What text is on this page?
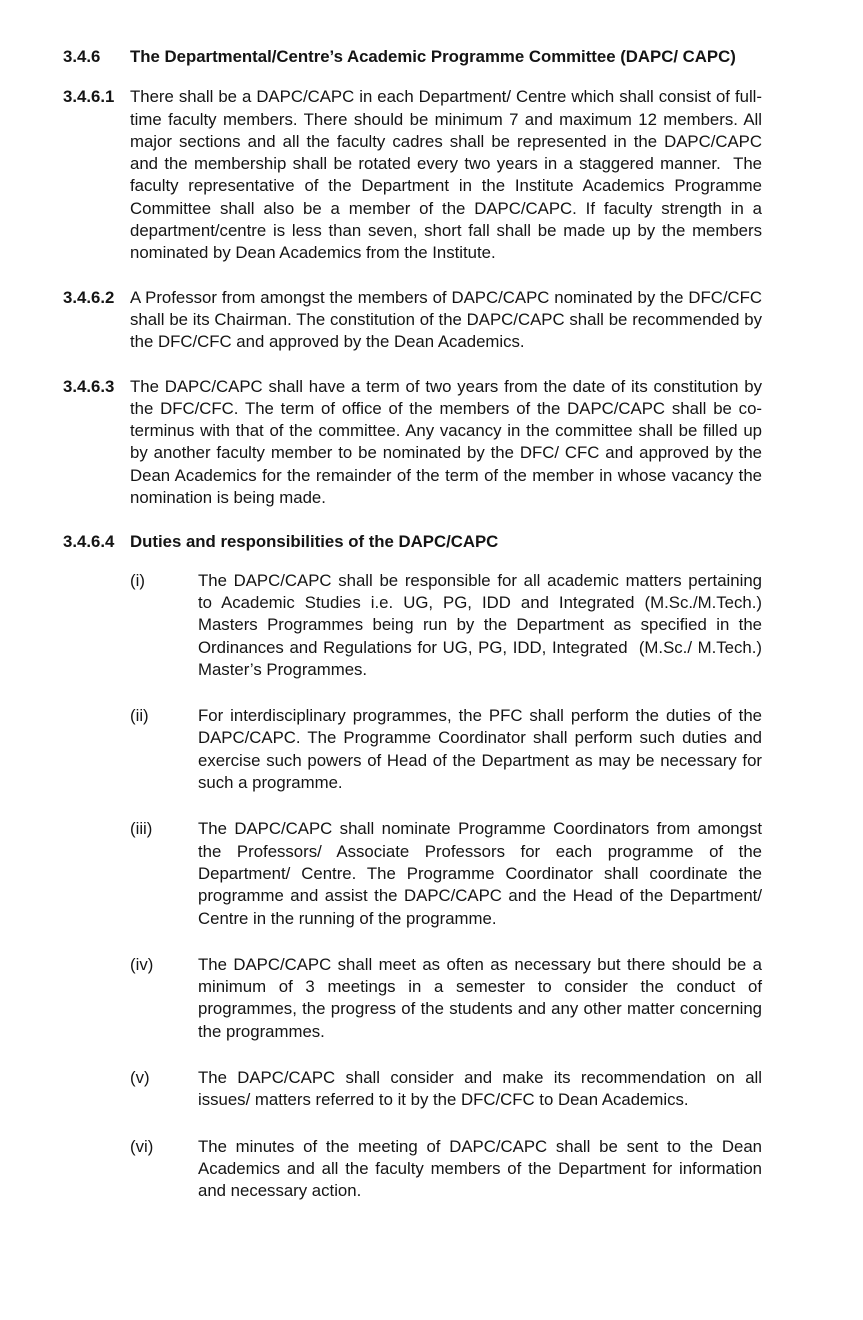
3.4.6	The Departmental/Centre’s Academic Programme Committee (DAPC/ CAPC)
3.4.6.1 There shall be a DAPC/CAPC in each Department/ Centre which shall consist of full-time faculty members. There should be minimum 7 and maximum 12 members. All major sections and all the faculty cadres shall be represented in the DAPC/CAPC and the membership shall be rotated every two years in a staggered manner.  The faculty representative of the Department in the Institute Academics Programme Committee shall also be a member of the DAPC/CAPC. If faculty strength in a department/centre is less than seven, short fall shall be made up by the members nominated by Dean Academics from the Institute.
3.4.6.2 A Professor from amongst the members of DAPC/CAPC nominated by the DFC/CFC shall be its Chairman. The constitution of the DAPC/CAPC shall be recommended by the DFC/CFC and approved by the Dean Academics.
3.4.6.3 The DAPC/CAPC shall have a term of two years from the date of its constitution by the DFC/CFC. The term of office of the members of the DAPC/CAPC shall be co-terminus with that of the committee. Any vacancy in the committee shall be filled up by another faculty member to be nominated by the DFC/ CFC and approved by the Dean Academics for the remainder of the term of the member in whose vacancy the nomination is being made.
3.4.6.4 Duties and responsibilities of the DAPC/CAPC
(i)	The DAPC/CAPC shall be responsible for all academic matters pertaining to Academic Studies i.e. UG, PG, IDD and Integrated (M.Sc./M.Tech.) Masters Programmes being run by the Department as specified in the Ordinances and Regulations for UG, PG, IDD, Integrated  (M.Sc./ M.Tech.) Master’s Programmes.
(ii)	For interdisciplinary programmes, the PFC shall perform the duties of the DAPC/CAPC. The Programme Coordinator shall perform such duties and exercise such powers of Head of the Department as may be necessary for such a programme.
(iii)	The DAPC/CAPC shall nominate Programme Coordinators from amongst the Professors/ Associate Professors for each programme of the Department/ Centre. The Programme Coordinator shall coordinate the programme and assist the DAPC/CAPC and the Head of the Department/ Centre in the running of the programme.
(iv)	The DAPC/CAPC shall meet as often as necessary but there should be a minimum of 3 meetings in a semester to consider the conduct of programmes, the progress of the students and any other matter concerning the programmes.
(v)	The DAPC/CAPC shall consider and make its recommendation on all issues/ matters referred to it by the DFC/CFC to Dean Academics.
(vi)	The minutes of the meeting of DAPC/CAPC shall be sent to the Dean Academics and all the faculty members of the Department for information and necessary action.
